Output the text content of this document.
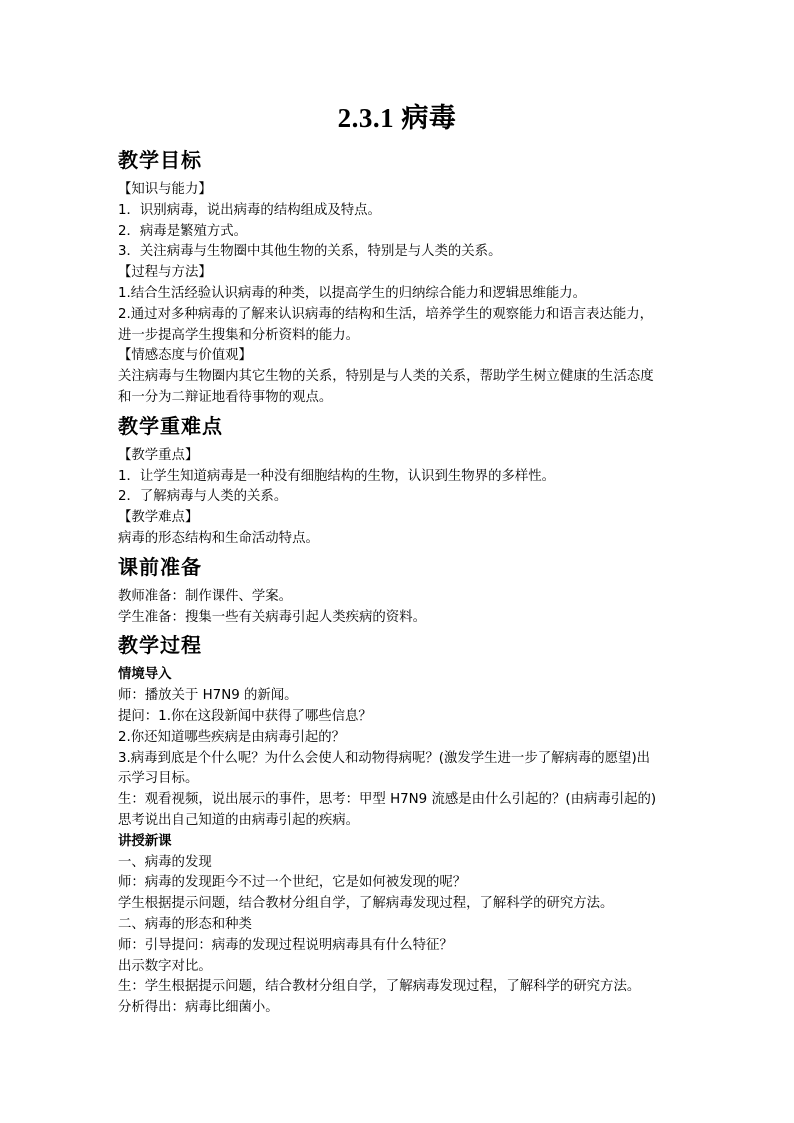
2.3.1 病毒
教学目标
【知识与能力】
1．识别病毒，说出病毒的结构组成及特点。
2．病毒是繁殖方式。
3．关注病毒与生物圈中其他生物的关系，特别是与人类的关系。
【过程与方法】
1.结合生活经验认识病毒的种类，以提高学生的归纳综合能力和逻辑思维能力。
2.通过对多种病毒的了解来认识病毒的结构和生活，培养学生的观察能力和语言表达能力，
进一步提高学生搜集和分析资料的能力。
【情感态度与价值观】
关注病毒与生物圈内其它生物的关系，特别是与人类的关系，帮助学生树立健康的生活态度
和一分为二辩证地看待事物的观点。
教学重难点
【教学重点】
1．让学生知道病毒是一种没有细胞结构的生物，认识到生物界的多样性。
2．了解病毒与人类的关系。
【教学难点】
病毒的形态结构和生命活动特点。
课前准备
教师准备：制作课件、学案。
学生准备：搜集一些有关病毒引起人类疾病的资料。
教学过程
情境导入
师：播放关于 H7N9 的新闻。
提问：1.你在这段新闻中获得了哪些信息？
2.你还知道哪些疾病是由病毒引起的？
3.病毒到底是个什么呢？为什么会使人和动物得病呢？(激发学生进一步了解病毒的愿望)出
示学习目标。
生：观看视频，说出展示的事件，思考：甲型 H7N9 流感是由什么引起的？(由病毒引起的)
思考说出自己知道的由病毒引起的疾病。
讲授新课
一、病毒的发现
师：病毒的发现距今不过一个世纪，它是如何被发现的呢？
学生根据提示问题，结合教材分组自学，了解病毒发现过程，了解科学的研究方法。
二、病毒的形态和种类
师：引导提问：病毒的发现过程说明病毒具有什么特征？
出示数字对比。
生：学生根据提示问题，结合教材分组自学，了解病毒发现过程，了解科学的研究方法。
分析得出：病毒比细菌小。
